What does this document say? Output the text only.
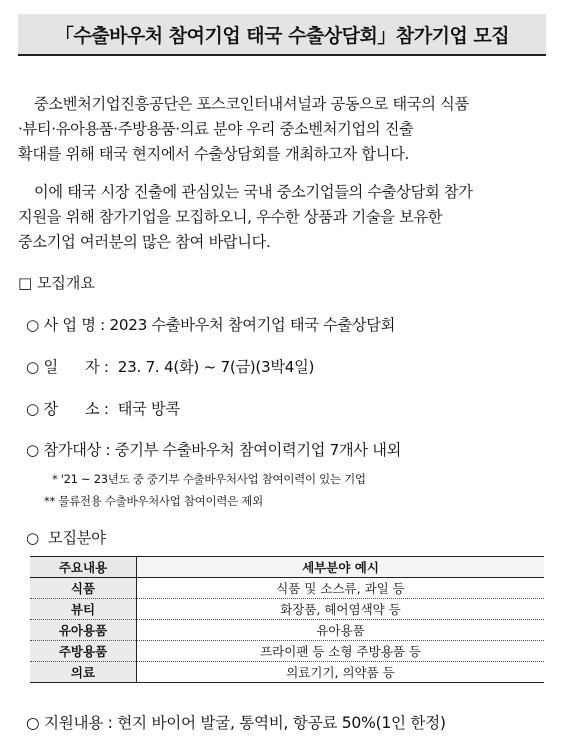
「수출바우처 참여기업 태국 수출상담회」참가기업 모집
중소벤처기업진흥공단은 포스코인터내셔널과 공동으로 태국의 식품
·뷰티·유아용품·주방용품·의료 분야 우리 중소벤처기업의 진출
확대를 위해 태국 현지에서 수출상담회를 개최하고자 합니다.
이에 태국 시장 진출에 관심있는 국내 중소기업들의 수출상담회 참가
지원을 위해 참가기업을 모집하오니, 우수한 상품과 기술을 보유한
중소기업 여러분의 많은 참여 바랍니다.
□ 모집개요
○ 사 업 명 : 2023 수출바우처 참여기업 태국 수출상담회
○ 일      자 :  23. 7. 4(화) ~ 7(금)(3박4일)
○ 장      소 :  태국 방콕
○ 참가대상 : 중기부 수출바우처 참여이력기업 7개사 내외
* '21 ~ 23년도 중 중기부 수출바우처사업 참여이력이 있는 기업
** 물류전용 수출바우처사업 참여이력은 제외
○  모집분야
주요내용	세부분야 예시
식품	식품 및 소스류, 과일 등
뷰티	화장품, 헤어염색약 등
유아용품	유아용품
주방용품	프라이팬 등 소형 주방용품 등
의료	의료기기, 의약품 등
○ 지원내용 : 현지 바이어 발굴, 통역비, 항공료 50%(1인 한정)
